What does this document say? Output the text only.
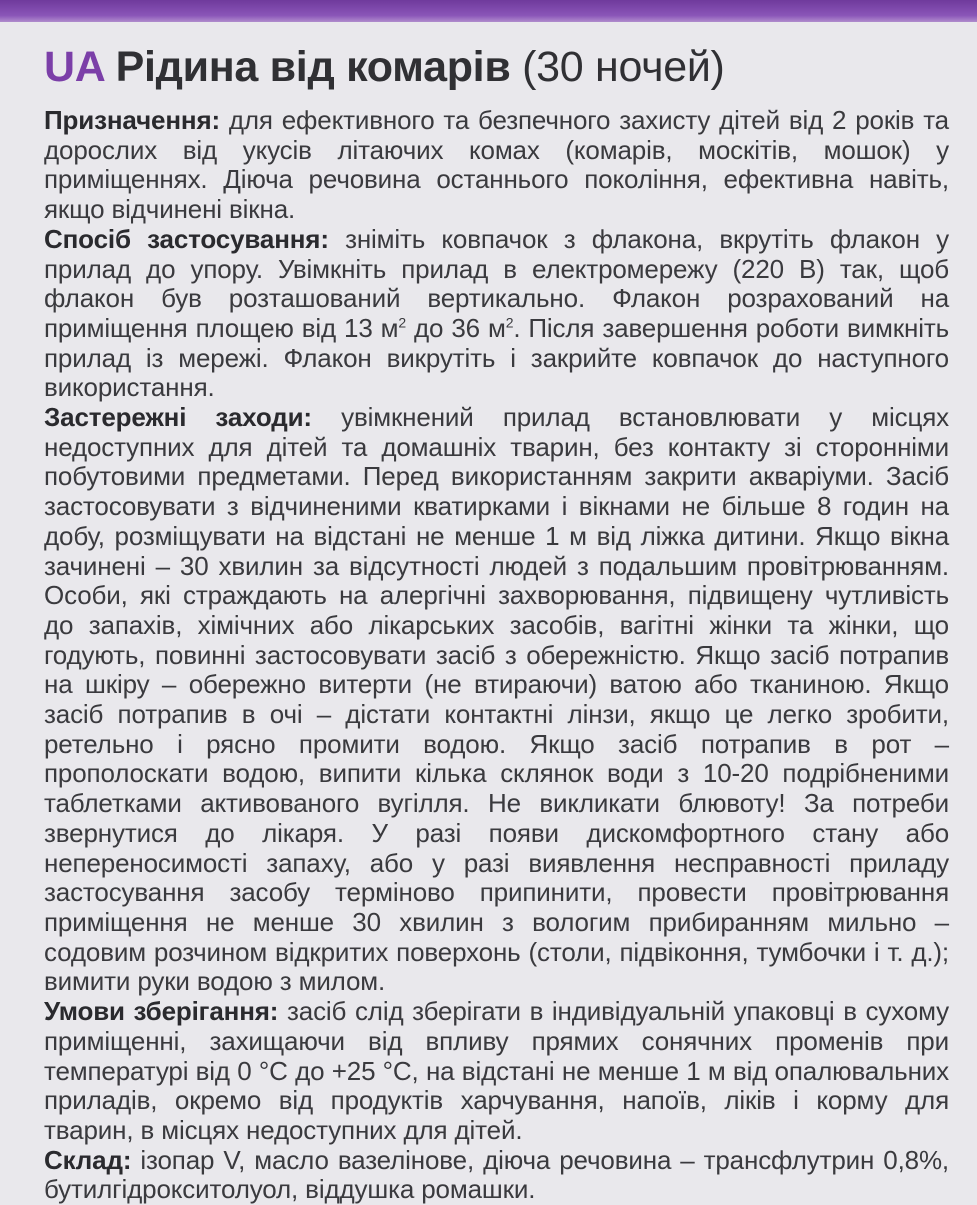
UA Рідина від комарів (30 ночей)

Призначення: для ефективного та безпечного захисту дітей від 2 років та дорослих від укусів літаючих комах (комарів, москітів, мошок) у приміщеннях. Діюча речовина останнього покоління, ефективна навіть, якщо відчинені вікна.

Спосіб застосування: зніміть ковпачок з флакона, вкрутіть флакон у прилад до упору. Увімкніть прилад в електромережу (220 В) так, щоб флакон був розташований вертикально. Флакон розрахований на приміщення площею від 13 $м^2$ до 36 $м^2$. Після завершення роботи вимкніть прилад із мережі. Флакон викрутіть і закрийте ковпачок до наступного використання.

Застережні заходи: увімкнений прилад встановлювати у місцях недоступних для дітей та домашніх тварин, без контакту зі сторонніми побутовими предметами. Перед використанням закрити акваріуми. Засіб застосовувати з відчиненими кватирками і вікнами не більше 8 годин на добу, розміщувати на відстані не менше 1 м від ліжка дитини. Якщо вікна зачинені – 30 хвилин за відсутності людей з подальшим провітрюванням. Особи, які страждають на алергічні захворювання, підвищену чутливість до запахів, хімічних або лікарських засобів, вагітні жінки та жінки, що годують, повинні застосовувати засіб з обережністю. Якщо засіб потрапив на шкіру – обережно витерти (не втираючи) ватою або тканиною. Якщо засіб потрапив в очі – дістати контактні лінзи, якщо це легко зробити, ретельно і рясно промити водою. Якщо засіб потрапив в рот – прополоскати водою, випити кілька склянок води з 10-20 подрібненими таблетками активованого вугілля. Не викликати блювоту! За потреби звернутися до лікаря. У разі появи дискомфортного стану або непереносимості запаху, або у разі виявлення несправності приладу застосування засобу терміново припинити, провести провітрювання приміщення не менше 30 хвилин з вологим прибиранням мильно – содовим розчином відкритих поверхонь (столи, підвіконня, тумбочки і т. д.); вимити руки водою з милом.

Умови зберігання: засіб слід зберігати в індивідуальній упаковці в сухому приміщенні, захищаючи від впливу прямих сонячних променів при температурі від 0 °С до +25 °С, на відстані не менше 1 м від опалювальних приладів, окремо від продуктів харчування, напоїв, ліків і корму для тварин, в місцях недоступних для дітей.

Склад: ізопар V, масло вазелінове, діюча речовина – трансфлутрин 0,8%, бутилгідрокситолуол, віддушка ромашки.
